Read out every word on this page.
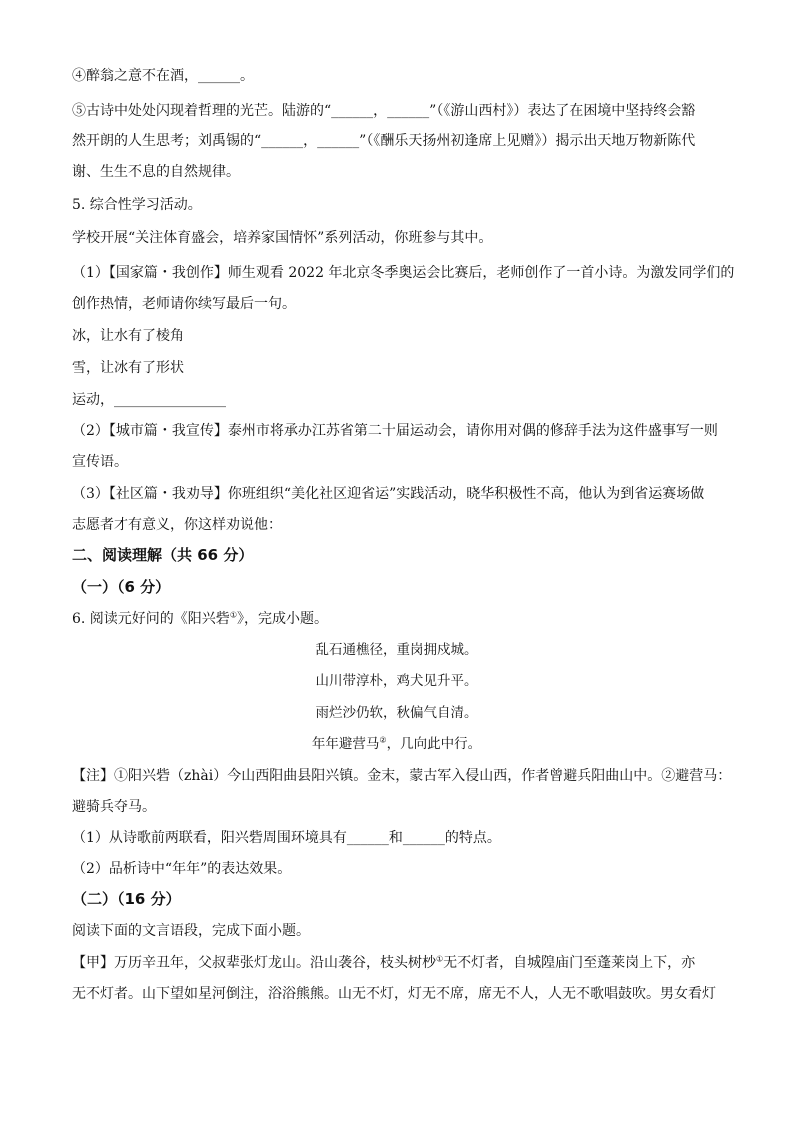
④醉翁之意不在酒，______。
⑤古诗中处处闪现着哲理的光芒。陆游的“______，______”（《游山西村》）表达了在困境中坚持终会豁
然开朗的人生思考；刘禹锡的“______，______”（《酬乐天扬州初逢席上见赠》）揭示出天地万物新陈代
谢、生生不息的自然规律。
5. 综合性学习活动。
学校开展“关注体育盛会，培养家国情怀”系列活动，你班参与其中。
（1）【国家篇・我创作】师生观看 2022 年北京冬季奥运会比赛后，老师创作了一首小诗。为激发同学们的
创作热情，老师请你续写最后一句。
冰，让水有了棱角
雪，让冰有了形状
运动，________________
（2）【城市篇・我宣传】泰州市将承办江苏省第二十届运动会，请你用对偶的修辞手法为这件盛事写一则
宣传语。
（3）【社区篇・我劝导】你班组织“美化社区迎省运”实践活动，晓华积极性不高，他认为到省运赛场做
志愿者才有意义，你这样劝说他：
二、阅读理解（共 66 分）
（一）（6 分）
6. 阅读元好问的《阳兴砦①》，完成小题。
乱石通樵径，重岗拥戍城。
山川带淳朴，鸡犬见升平。
雨烂沙仍软，秋偏气自清。
年年避营马②，几向此中行。
【注】①阳兴砦（zhài）今山西阳曲县阳兴镇。金末，蒙古军入侵山西，作者曾避兵阳曲山中。②避营马：
避骑兵夺马。
（1）从诗歌前两联看，阳兴砦周围环境具有______和______的特点。
（2）品析诗中“年年”的表达效果。
（二）（16 分）
阅读下面的文言语段，完成下面小题。
【甲】万历辛丑年，父叔辈张灯龙山。沿山袭谷，枝头树杪①无不灯者，自城隍庙门至蓬莱岗上下，亦
无不灯者。山下望如星河倒注，浴浴熊熊。山无不灯，灯无不席，席无不人，人无不歌唱鼓吹。男女看灯
